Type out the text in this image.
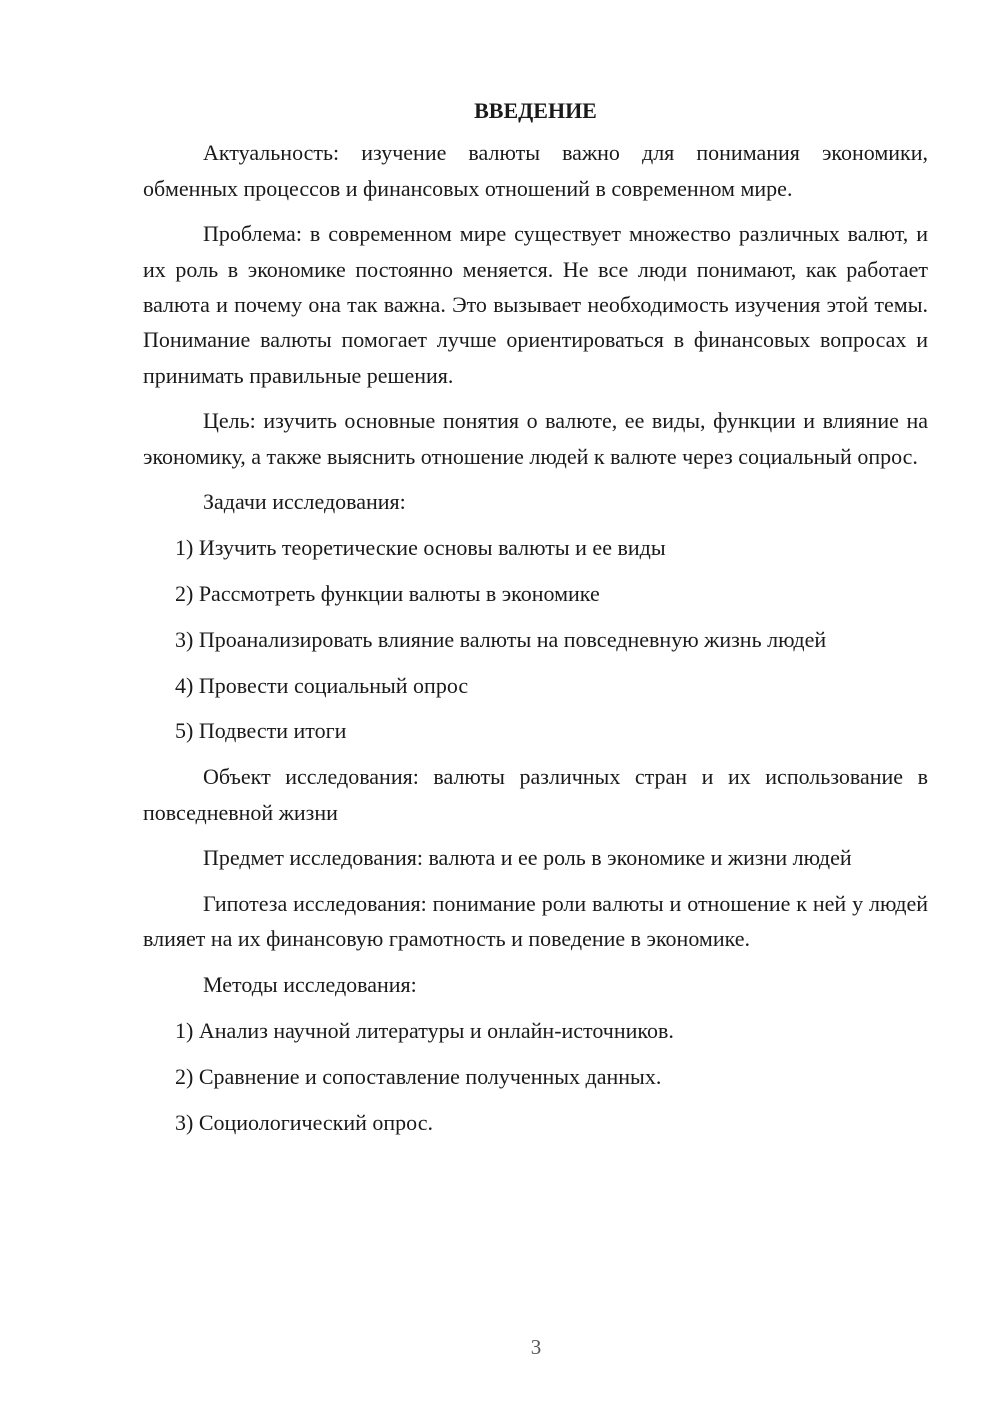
ВВЕДЕНИЕ

Актуальность: изучение валюты важно для понимания экономики, обменных процессов и финансовых отношений в современном мире.

Проблема: в современном мире существует множество различных валют, и их роль в экономике постоянно меняется. Не все люди понимают, как работает валюта и почему она так важна. Это вызывает необходимость изучения этой темы. Понимание валюты помогает лучше ориентироваться в финансовых вопросах и принимать правильные решения.

Цель: изучить основные понятия о валюте, ее виды, функции и влияние на экономику, а также выяснить отношение людей к валюте через социальный опрос.

Задачи исследования:

1) Изучить теоретические основы валюты и ее виды

2) Рассмотреть функции валюты в экономике

3) Проанализировать влияние валюты на повседневную жизнь людей

4) Провести социальный опрос

5) Подвести итоги

Объект исследования: валюты различных стран и их использование в повседневной жизни

Предмет исследования: валюта и ее роль в экономике и жизни людей

Гипотеза исследования: понимание роли валюты и отношение к ней у людей влияет на их финансовую грамотность и поведение в экономике.

Методы исследования:

1) Анализ научной литературы и онлайн-источников.

2) Сравнение и сопоставление полученных данных.

3) Социологический опрос.

3
